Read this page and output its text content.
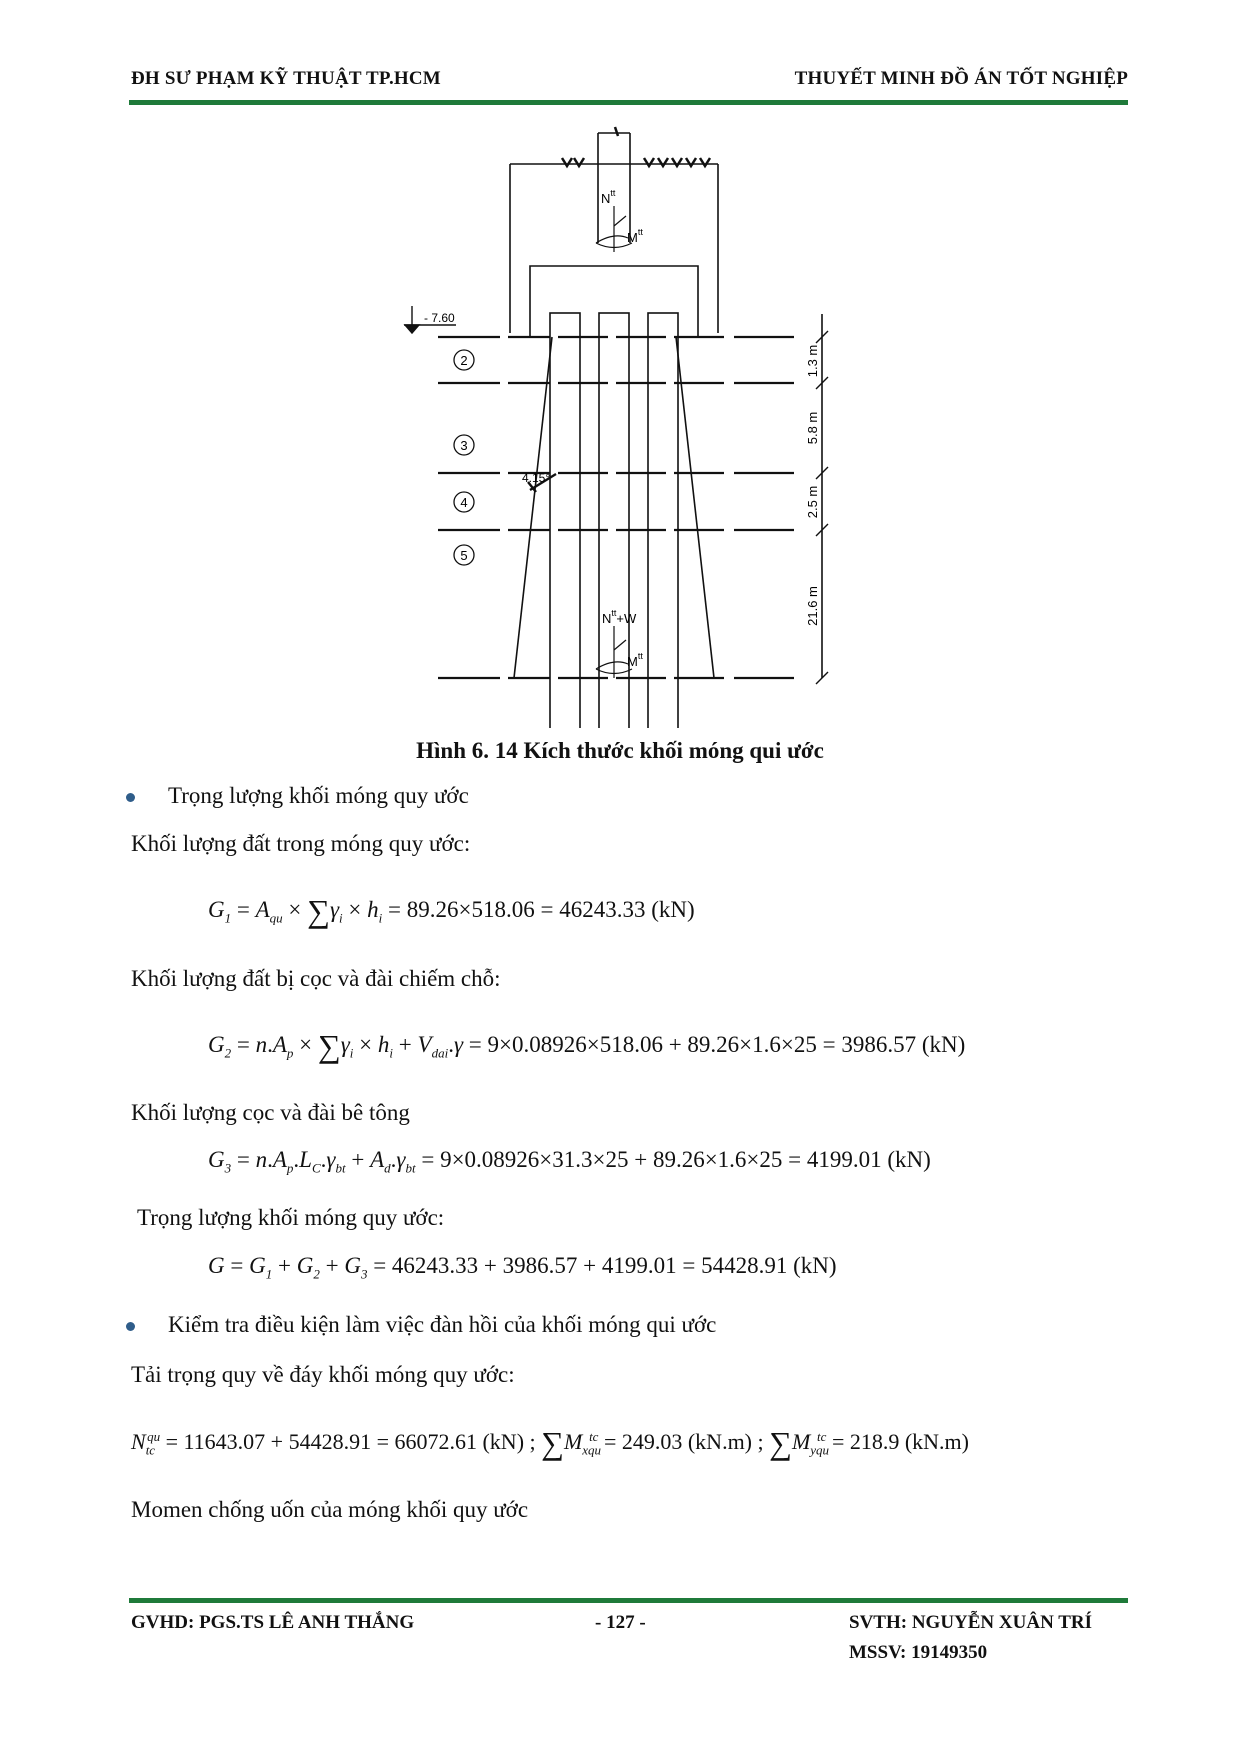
ĐH SƯ PHẠM KỸ THUẬT TP.HCM	THUYẾT MINH ĐỒ ÁN TỐT NGHIỆP
- 7.60
2
3
4
5
1.3 m
5.8 m
2.5 m
21.6 m
4.15°
$N^{tt}$
$M^{tt}$
$N^{tt}+W$
$M^{tt}$
Hình 6. 14 Kích thước khối móng qui ước
Trọng lượng khối móng quy ước
Khối lượng đất trong móng quy ước:
$G_1 = A_{qu} \times \sum\gamma_i \times h_i = 89.26\times 518.06 = 46243.33$ (kN)
Khối lượng đất bị cọc và đài chiếm chỗ:
$G_2 = n.A_p \times \sum\gamma_i \times h_i + V_{dai}.\gamma = 9\times 0.08926\times 518.06 + 89.26\times 1.6\times 25 = 3986.57$ (kN)
Khối lượng cọc và đài bê tông
$G_3 = n.A_p.L_C.\gamma_{bt} + A_d.\gamma_{bt} = 9\times 0.08926\times 31.3\times 25 + 89.26\times 1.6\times 25 = 4199.01$ (kN)
Trọng lượng khối móng quy ước:
$G = G_1 + G_2 + G_3 = 46243.33 + 3986.57 + 4199.01 = 54428.91$ (kN)
Kiểm tra điều kiện làm việc đàn hồi của khối móng qui ước
Tải trọng quy về đáy khối móng quy ước:
$N_{tc}^{qu} = 11643.07 + 54428.91 = 66072.61$ (kN) ; $\sum M_{xqu}^{tc} = 249.03$ (kN.m) ; $\sum M_{yqu}^{tc} = 218.9$ (kN.m)
Momen chống uốn của móng khối quy ước
GVHD: PGS.TS LÊ ANH THẮNG	- 127 -	SVTH: NGUYỄN XUÂN TRÍ
MSSV: 19149350
